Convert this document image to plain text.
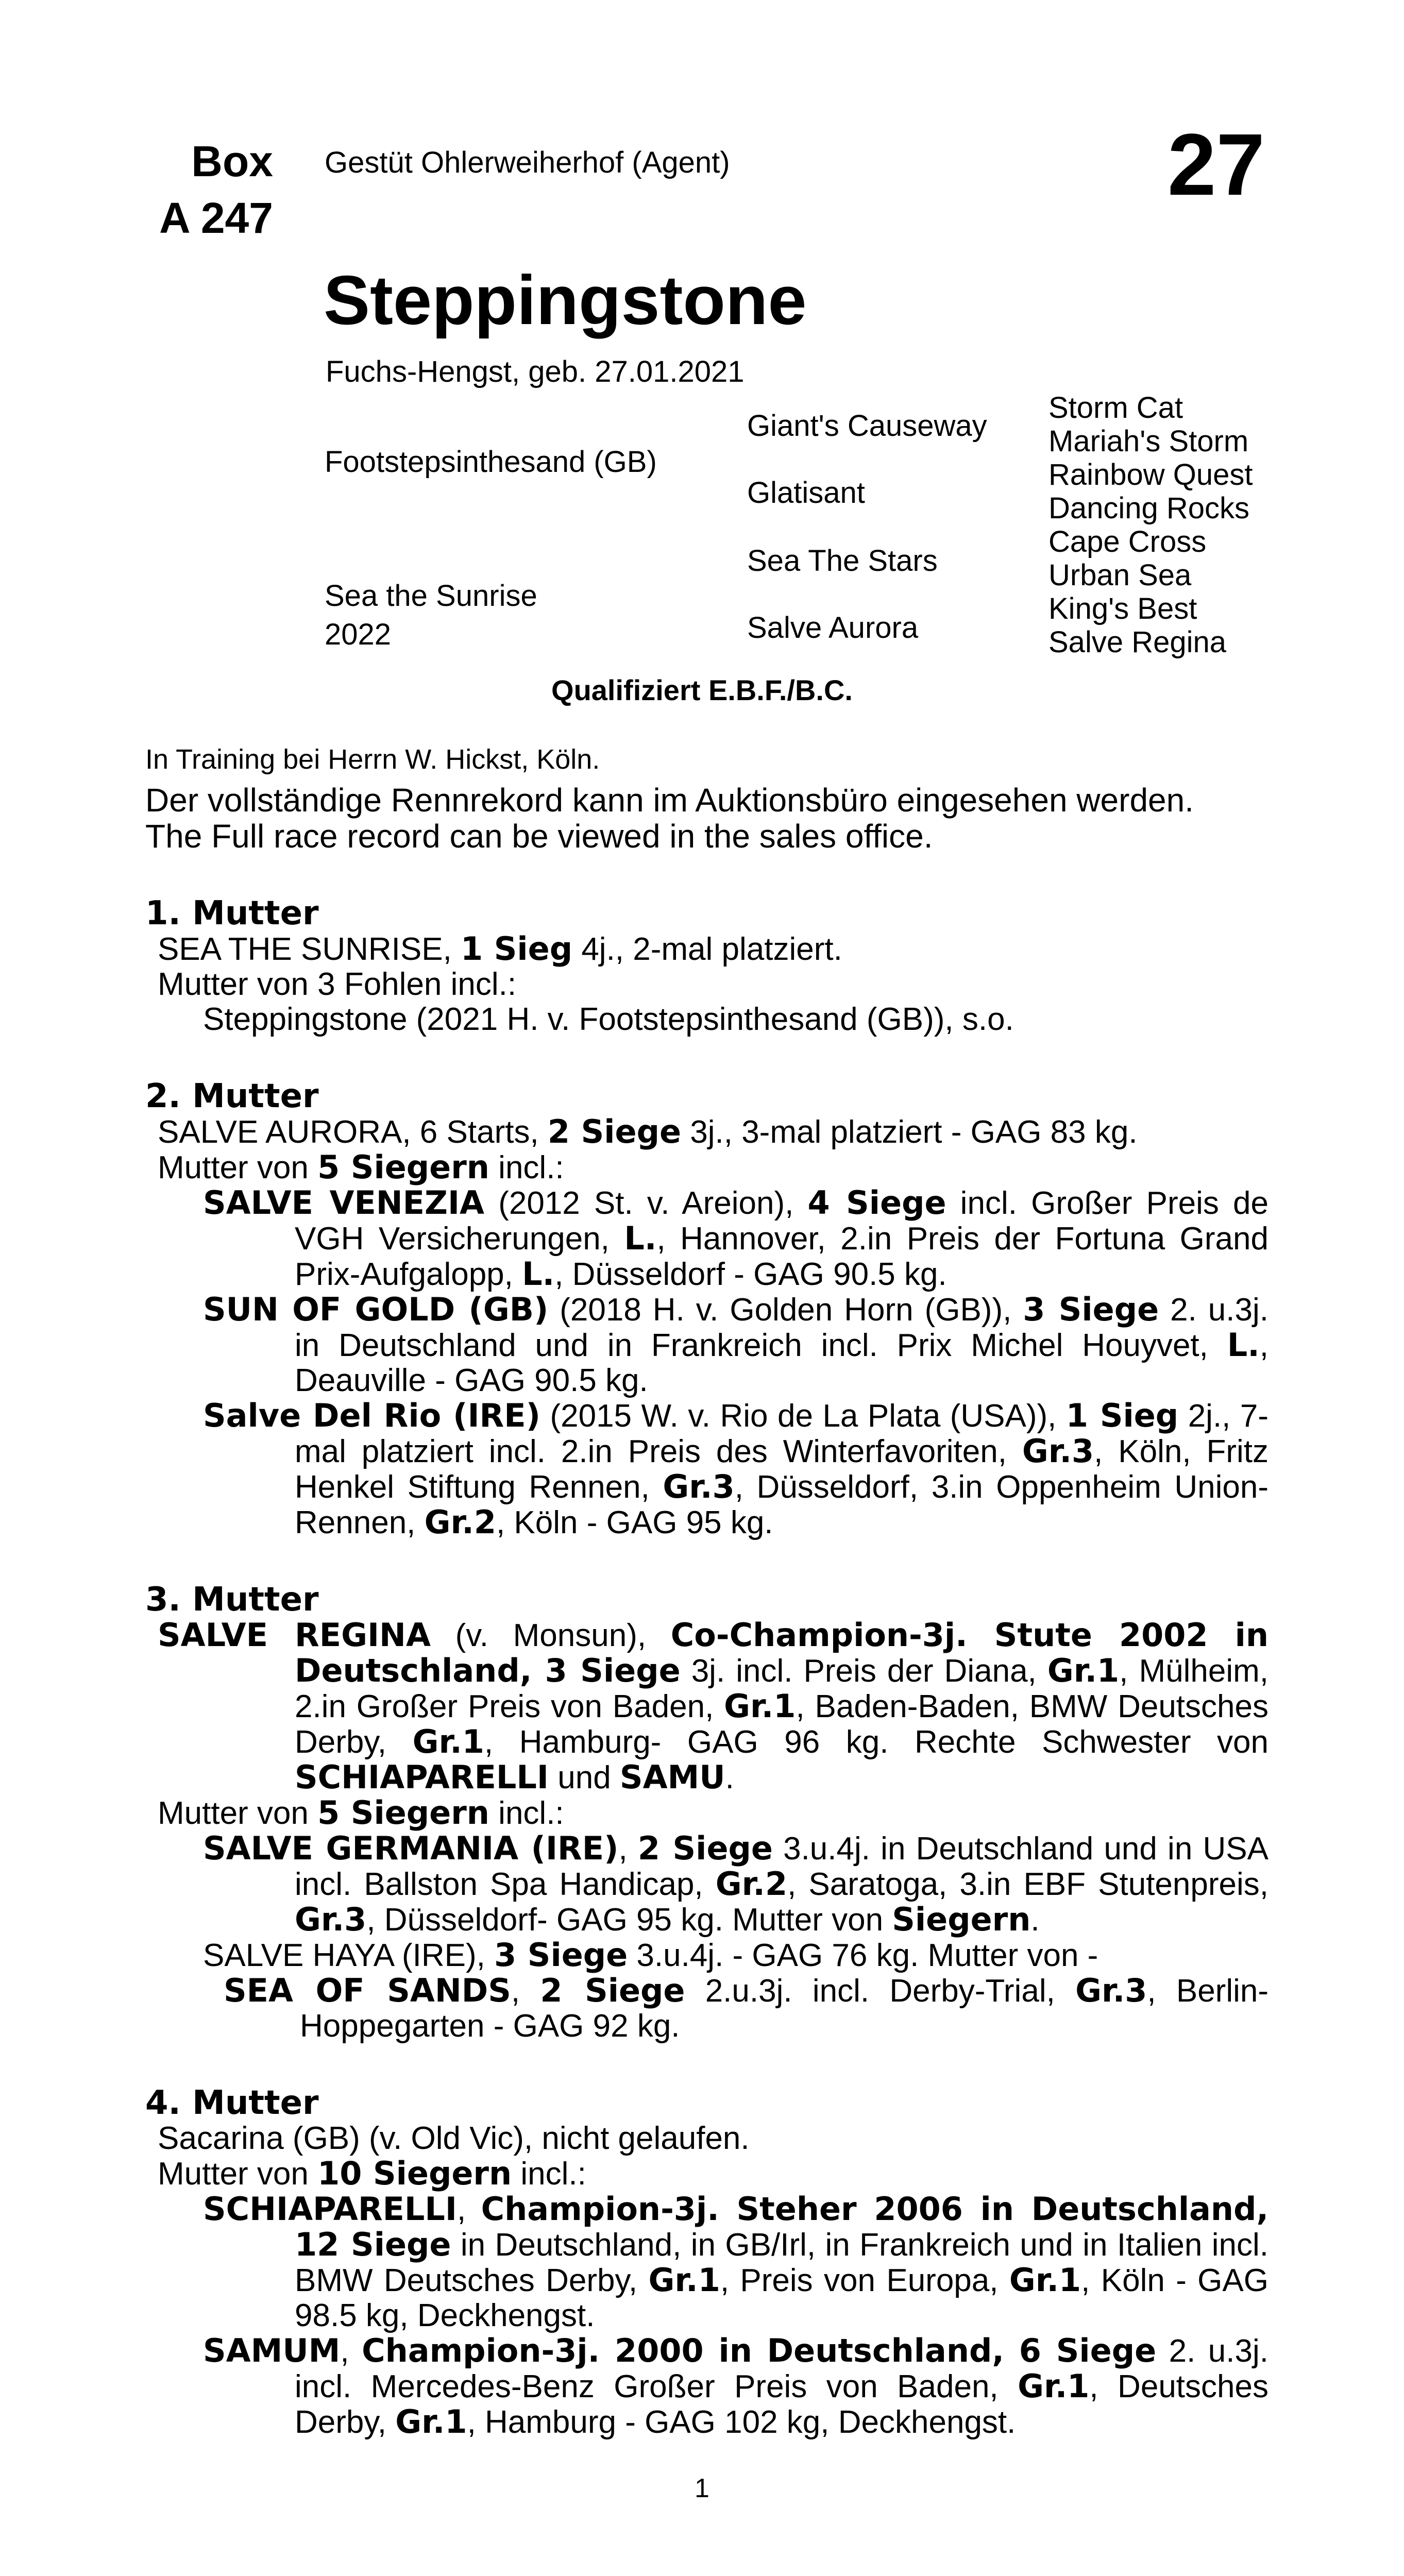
Box
A 247
Gestüt Ohlerweiherhof (Agent)	27
Steppingstone
Fuchs-Hengst, geb. 27.01.2021
Footstepsinthesand (GB)
Sea the Sunrise
2022
Giant's Causeway
Glatisant
Sea The Stars
Salve Aurora
Storm Cat
Mariah's Storm
Rainbow Quest
Dancing Rocks
Cape Cross
Urban Sea
King's Best
Salve Regina
Qualifiziert E.B.F./B.C.

In Training bei Herrn W. Hickst, Köln.

Der vollständige Rennrekord kann im Auktionsbüro eingesehen werden.
The Full race record can be viewed in the sales office.
1. Mutter
SEA THE SUNRISE, 1 Sieg 4j., 2-mal platziert.
Mutter von 3 Fohlen incl.:
Steppingstone (2021 H. v. Footstepsinthesand (GB)), s.o.
2. Mutter
SALVE AURORA, 6 Starts, 2 Siege 3j., 3-mal platziert - GAG 83 kg.
Mutter von 5 Siegern incl.:
SALVE VENEZIA (2012 St. v. Areion), 4 Siege incl. Großer Preis de VGH Versicherungen, L., Hannover, 2.in Preis der Fortuna Grand Prix-Aufgalopp, L., Düsseldorf - GAG 90.5 kg.
SUN OF GOLD (GB) (2018 H. v. Golden Horn (GB)), 3 Siege 2. u.3j. in Deutschland und in Frankreich incl. Prix Michel Houyvet, L., Deauville - GAG 90.5 kg.
Salve Del Rio (IRE) (2015 W. v. Rio de La Plata (USA)), 1 Sieg 2j., 7-mal platziert incl. 2.in Preis des Winterfavoriten, Gr.3, Köln, Fritz Henkel Stiftung Rennen, Gr.3, Düsseldorf, 3.in Oppenheim Union-Rennen, Gr.2, Köln - GAG 95 kg.
3. Mutter
SALVE REGINA (v. Monsun), Co-Champion-3j. Stute 2002 in Deutschland, 3 Siege 3j. incl. Preis der Diana, Gr.1, Mülheim, 2.in Großer Preis von Baden, Gr.1, Baden-Baden, BMW Deutsches Derby, Gr.1, Hamburg- GAG 96 kg. Rechte Schwester von SCHIAPARELLI und SAMU.
Mutter von 5 Siegern incl.:
SALVE GERMANIA (IRE), 2 Siege 3.u.4j. in Deutschland und in USA incl. Ballston Spa Handicap, Gr.2, Saratoga, 3.in EBF Stutenpreis, Gr.3, Düsseldorf- GAG 95 kg. Mutter von Siegern.
SALVE HAYA (IRE), 3 Siege 3.u.4j. - GAG 76 kg. Mutter von -
SEA OF SANDS, 2 Siege 2.u.3j. incl. Derby-Trial, Gr.3, Berlin-Hoppegarten - GAG 92 kg.
4. Mutter
Sacarina (GB) (v. Old Vic), nicht gelaufen.
Mutter von 10 Siegern incl.:
SCHIAPARELLI, Champion-3j. Steher 2006 in Deutschland, 12 Siege in Deutschland, in GB/Irl, in Frankreich und in Italien incl. BMW Deutsches Derby, Gr.1, Preis von Europa, Gr.1, Köln - GAG 98.5 kg, Deckhengst.
SAMUM, Champion-3j. 2000 in Deutschland, 6 Siege 2. u.3j. incl. Mercedes-Benz Großer Preis von Baden, Gr.1, Deutsches Derby, Gr.1, Hamburg - GAG 102 kg, Deckhengst.
1
